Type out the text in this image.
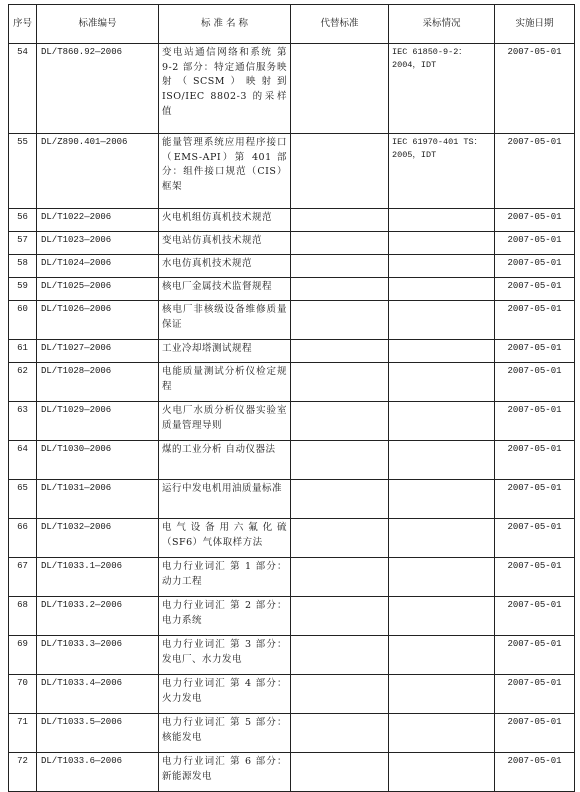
序号	标准编号	标 准 名 称	代替标准	采标情况	实施日期
54	DL/T860.92—2006	变电站通信网络和系统 第 9-2 部分：特定通信服务映射（SCSM）映射到 ISO/IEC 8802-3 的采样值		IEC 61850-9-2：2004，IDT	2007-05-01
55	DL/Z890.401—2006	能量管理系统应用程序接口（EMS-API）第 401 部分：组件接口规范（CIS）框架		IEC 61970-401 TS：2005，IDT	2007-05-01
56	DL/T1022—2006	火电机组仿真机技术规范			2007-05-01
57	DL/T1023—2006	变电站仿真机技术规范			2007-05-01
58	DL/T1024—2006	水电仿真机技术规范			2007-05-01
59	DL/T1025—2006	核电厂金属技术监督规程			2007-05-01
60	DL/T1026—2006	核电厂非核级设备维修质量保证			2007-05-01
61	DL/T1027—2006	工业冷却塔测试规程			2007-05-01
62	DL/T1028—2006	电能质量测试分析仪检定规程			2007-05-01
63	DL/T1029—2006	火电厂水质分析仪器实验室质量管理导则			2007-05-01
64	DL/T1030—2006	煤的工业分析 自动仪器法			2007-05-01
65	DL/T1031—2006	运行中发电机用油质量标准			2007-05-01
66	DL/T1032—2006	电气设备用六氟化硫（SF6）气体取样方法			2007-05-01
67	DL/T1033.1—2006	电力行业词汇 第 1 部分：动力工程			2007-05-01
68	DL/T1033.2—2006	电力行业词汇 第 2 部分：电力系统			2007-05-01
69	DL/T1033.3—2006	电力行业词汇 第 3 部分：发电厂、水力发电			2007-05-01
70	DL/T1033.4—2006	电力行业词汇 第 4 部分：火力发电			2007-05-01
71	DL/T1033.5—2006	电力行业词汇 第 5 部分：核能发电			2007-05-01
72	DL/T1033.6—2006	电力行业词汇 第 6 部分：新能源发电			2007-05-01
